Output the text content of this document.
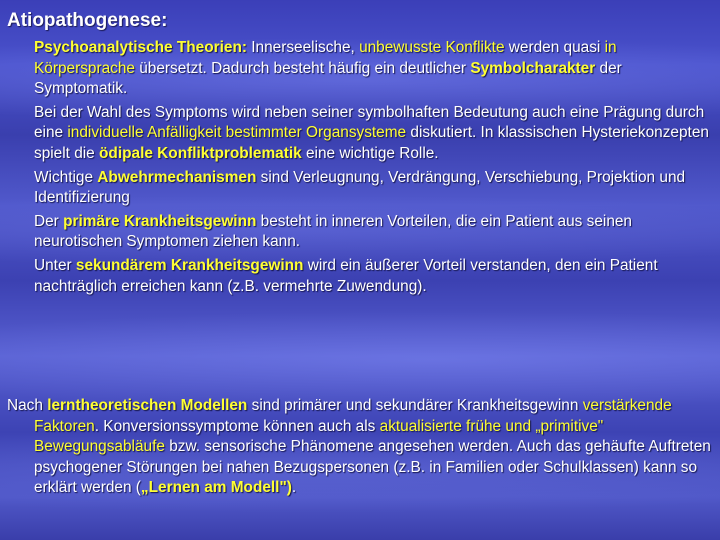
Atiopathogenese:

Psychoanalytische Theorien: Innerseelische, unbewusste Konflikte werden quasi in Körpersprache übersetzt. Dadurch besteht häufig ein deutlicher Symbolcharakter der Symptomatik.

Bei der Wahl des Symptoms wird neben seiner symbolhaften Bedeutung auch eine Prägung durch eine individuelle Anfälligkeit bestimmter Organsysteme diskutiert. In klassischen Hysteriekonzepten spielt die ödipale Konfliktproblematik eine wichtige Rolle.

Wichtige Abwehrmechanismen sind Verleugnung, Verdrängung, Verschiebung, Projektion und Identifizierung

Der primäre Krankheitsgewinn besteht in inneren Vorteilen, die ein Patient aus seinen neurotischen Symptomen ziehen kann.

Unter sekundärem Krankheitsgewinn wird ein äußerer Vorteil verstanden, den ein Patient nachträglich erreichen kann (z.B. vermehrte Zuwendung).

Nach lerntheoretischen Modellen sind primärer und sekundärer Krankheitsgewinn verstärkende Faktoren. Konversionssymptome können auch als aktualisierte frühe und „primitive" Bewegungsabläufe bzw. sensorische Phänomene angesehen werden. Auch das gehäufte Auftreten psychogener Störungen bei nahen Bezugspersonen (z.B. in Familien oder Schulklassen) kann so erklärt werden („Lernen am Modell").
